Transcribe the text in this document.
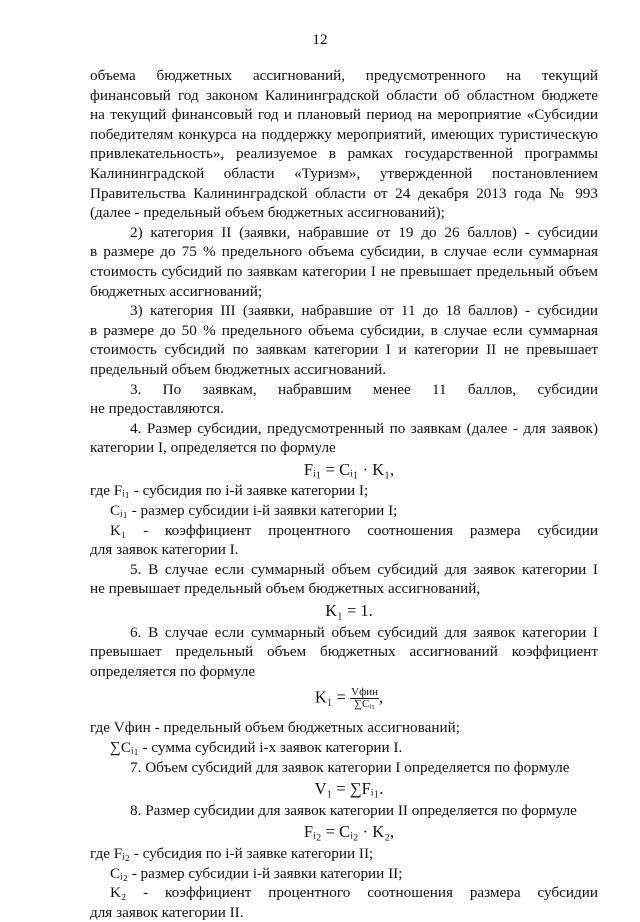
12

объема бюджетных ассигнований, предусмотренного на текущий

финансовый год законом Калининградской области об областном бюджете

на текущий финансовый год и плановый период на мероприятие «Субсидии

победителям конкурса на поддержку мероприятий, имеющих туристическую

привлекательность», реализуемое в рамках государственной программы

Калининградской области «Туризм», утвержденной постановлением

Правительства Калининградской области от 24 декабря 2013 года № 993

(далее - предельный объем бюджетных ассигнований);

2) категория II (заявки, набравшие от 19 до 26 баллов) - субсидии

в размере до 75 % предельного объема субсидии, в случае если суммарная

стоимость субсидий по заявкам категории I не превышает предельный объем

бюджетных ассигнований;

3) категория III (заявки, набравшие от 11 до 18 баллов) - субсидии

в размере до 50 % предельного объема субсидии, в случае если суммарная

стоимость субсидий по заявкам категории I и категории II не превышает

предельный объем бюджетных ассигнований.

3. По заявкам, набравшим менее 11 баллов, субсидии

не предоставляются.

4. Размер субсидии, предусмотренный по заявкам (далее - для заявок)

категории I, определяется по формуле

Fᵢ₁ = Cᵢ₁ · K₁,

где Fᵢ₁ - субсидия по i-й заявке категории I;

Cᵢ₁ - размер субсидии i-й заявки категории I;

K₁ - коэффициент процентного соотношения размера субсидии

для заявок категории I.

5. В случае если суммарный объем субсидий для заявок категории I

не превышает предельный объем бюджетных ассигнований,

K₁ = 1.

6. В случае если суммарный объем субсидий для заявок категории I

превышает предельный объем бюджетных ассигнований коэффициент

определяется по формуле

$K_1 = \frac{\text{Vфин}}{\text{∑Cᵢ₁}}$ ,

где Vфин - предельный объем бюджетных ассигнований;

∑Cᵢ₁ - сумма субсидий i-х заявок категории I.

7. Объем субсидий для заявок категории I определяется по формуле

V₁ = ∑Fᵢ₁.

8. Размер субсидии для заявок категории II определяется по формуле

Fᵢ₂ = Cᵢ₂ · K₂,

где Fᵢ₂ - субсидия по i-й заявке категории II;

Cᵢ₂ - размер субсидии i-й заявки категории II;

K₂ - коэффициент процентного соотношения размера субсидии

для заявок категории II.
